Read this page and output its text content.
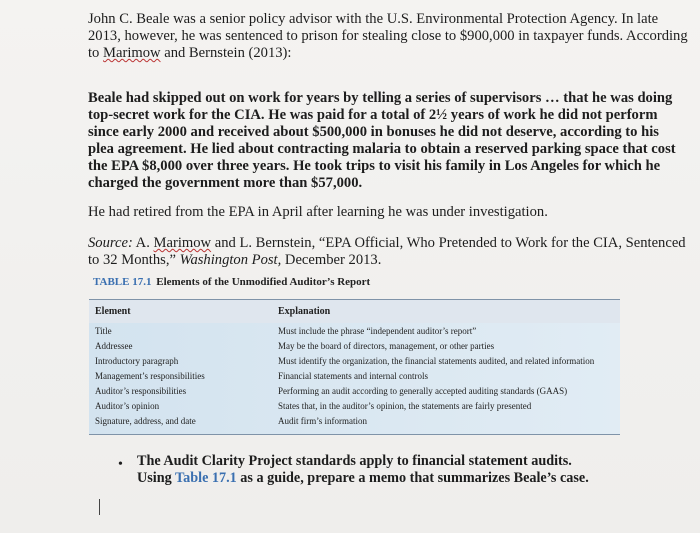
John C. Beale was a senior policy advisor with the U.S. Environmental Protection Agency. In late 2013, however, he was sentenced to prison for stealing close to $900,000 in taxpayer funds. According to Marimow and Bernstein (2013):

Beale had skipped out on work for years by telling a series of supervisors … that he was doing top-secret work for the CIA. He was paid for a total of 2½ years of work he did not perform since early 2000 and received about $500,000 in bonuses he did not deserve, according to his plea agreement. He lied about contracting malaria to obtain a reserved parking space that cost the EPA $8,000 over three years. He took trips to visit his family in Los Angeles for which he charged the government more than $57,000.

He had retired from the EPA in April after learning he was under investigation.

Source: A. Marimow and L. Bernstein, “EPA Official, Who Pretended to Work for the CIA, Sentenced to 32 Months,” Washington Post, December 2013.

TABLE 17.1 Elements of the Unmodified Auditor’s Report
Element	Explanation
Title	Must include the phrase “independent auditor’s report”
Addressee	May be the board of directors, management, or other parties
Introductory paragraph	Must identify the organization, the financial statements audited, and related information
Management’s responsibilities	Financial statements and internal controls
Auditor’s responsibilities	Performing an audit according to generally accepted auditing standards (GAAS)
Auditor’s opinion	States that, in the auditor’s opinion, the statements are fairly presented
Signature, address, and date	Audit firm’s information
• The Audit Clarity Project standards apply to financial statement audits.
Using Table 17.1 as a guide, prepare a memo that summarizes Beale’s case.
